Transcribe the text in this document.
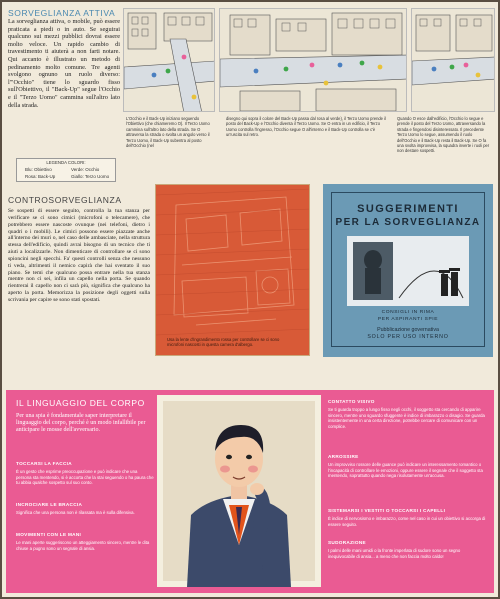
SORVEGLIANZA ATTIVA
La sorveglianza attiva, o mobile, può essere praticata a piedi o in auto. Se seguirai qualcuno sui mezzi pubblici dovrai essere molto veloce. Un rapido cambio di travestimento ti aiuterà a non farti notare. Qui accanto è illustrato un metodo di pedinamento molto comune. Tre agenti svolgono ognuno un ruolo diverso: l'"Occhio" tiene lo sguardo fisso sull'Obiettivo, il "Back-Up" segue l'Occhio e il "Terzo Uomo" cammina sull'altro lato della strada.
LEGENDA COLORI:
Blu: Obiettivo	Verde: Occhio
Rosa: Back-Up	Giallo: Terzo Uomo
L'Occhio e il Back-Up iniziano seguendo l'Obiettivo (che chiameremo O). Il Terzo Uomo cammina sull'altro lato della strada. Se O attraversa la strada o svolta un angolo verso il Terzo Uomo, il Back-Up subentra al posto dell'Occhio (nel
disegno qui sopra il colore del Back-Up passa dal rosa al verde), il Terzo Uomo prende il posto del Back-Up e l'Occhio diventa il Terzo Uomo. Se O entra in un edificio, il Terzo Uomo controlla l'ingresso, l'Occhio segue O all'interno e il Back-Up controlla se c'è un'uscita sul retro.
Quando O esce dall'edificio, l'Occhio lo segue e prende il posto del Terzo Uomo, attraversando la strada e fingendosi disinteressato. Il precedente Terzo Uomo lo segue, assumendo il ruolo dell'Occhio e il Back-Up resta il Back-Up. Se O fa una svolta improvvisa, la squadra inverte i ruoli per non destare sospetti.
CONTROSORVEGLIANZA
Se sospetti di essere seguito, controlla la tua stanza per verificare se ci sono cimici (microfoni o telecamere), che potrebbero essere nascoste ovunque (nei telefoni, dietro i quadri o i mobili). Le cimici possono essere piazzate anche all'interno dei muri o, nel caso delle ambasciate, nella struttura stessa dell'edificio, quindi avrai bisogno di un tecnico che ti aiuti a localizzarle. Non dimenticare di controllare se ci sono spioncini negli specchi. Fa' questi controlli senza che nessuno ti veda, altrimenti il nemico capirà che hai sventato il suo piano. Se temi che qualcuno possa entrare nella tua stanza mentre non ci sei, infila un capello nella porta. Se quando rientrerai il capello non ci sarà più, significa che qualcuno ha aperto la porta. Memorizza la posizione degli oggetti sulla scrivania per capire se sono stati spostati.
Usa la lente d'ingrandimento rossa per controllare se ci sono microfoni nascosti in questa camera d'albergo.
SUGGERIMENTI
PER LA SORVEGLIANZA
CONSIGLI IN RIMA
PER ASPIRANTI SPIE
Pubblicazione governativa
SOLO PER USO INTERNO
IL LINGUAGGIO DEL CORPO
Per una spia è fondamentale saper interpretare il linguaggio del corpo, perché è un modo infallibile per anticipare le mosse dell'avversario.
TOCCARSI LA FACCIA
È un gesto che esprime preoccupazione e può indicare che una persona sta mentendo, si è accorta che la stai seguendo o ha paura che tu abbia qualche sospetto sul suo conto.
INCROCIARE LE BRACCIA
Significa che una persona non è rilassata ma è sulla difensiva.
MOVIMENTI CON LE MANI
Le mani aperte suggeriscono un atteggiamento sincero, mentre le dita chiuse a pugno sono un segnale di ansia.
CONTATTO VISIVO
Se ti guarda troppo a lungo fisso negli occhi, il soggetto sta cercando di apparire sincero, mentre uno sguardo sfuggente è indice di imbarazzo o disagio. Se guarda insistentemente in una certa direzione, potrebbe cercare di comunicare con un complice.
ARROSSIRE
Un improvviso rossore delle guance può indicare un interessamento romantico o l'incapacità di controllare le emozioni, oppure essere il segnale che il soggetto sta mentendo, soprattutto quando nega risolutamente un'accusa.
SISTEMARSI I VESTITI O TOCCARSI I CAPELLI
È indice di nervosismo e imbarazzo, come nel caso in cui un obiettivo si accorga di essere seguito.
SUDORAZIONE
I palmi delle mani umidi o la fronte imperlata di sudore sono un segno inequivocabile di ansia... a meno che non faccia molto caldo!
